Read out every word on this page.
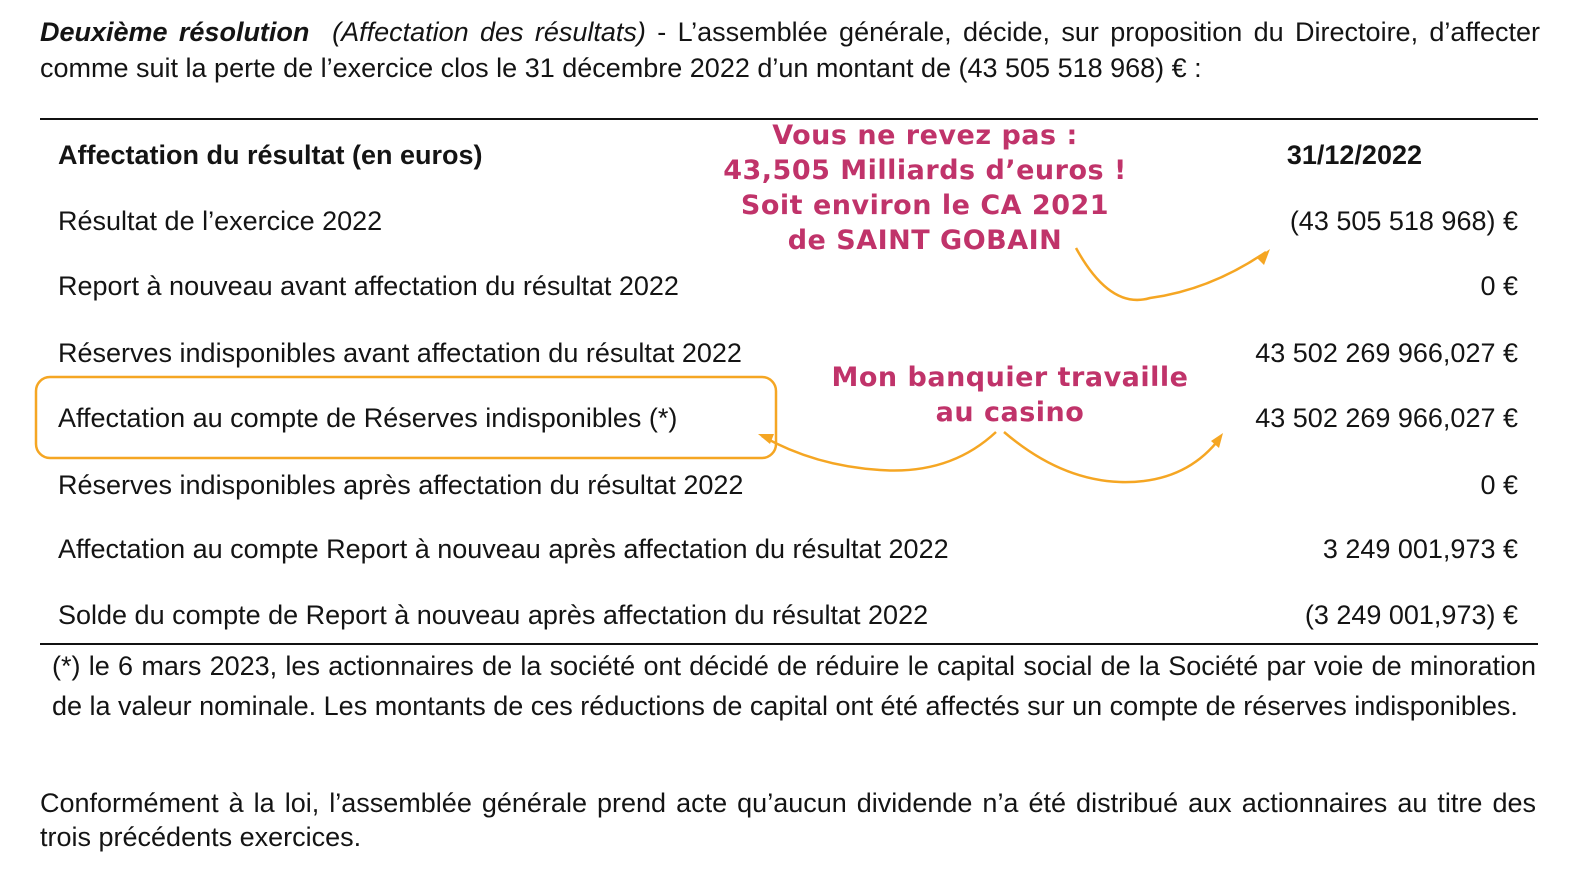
Deuxième résolution (Affectation des résultats) - L’assemblée générale, décide, sur proposition du Directoire, d’affecter comme suit la perte de l’exercice clos le 31 décembre 2022 d’un montant de (43 505 518 968) € :
Affectation du résultat (en euros)	31/12/2022
Résultat de l’exercice 2022	(43 505 518 968) €
Report à nouveau avant affectation du résultat 2022	0 €
Réserves indisponibles avant affectation du résultat 2022	43 502 269 966,027 €
Affectation au compte de Réserves indisponibles (*)	43 502 269 966,027 €
Réserves indisponibles après affectation du résultat 2022	0 €
Affectation au compte Report à nouveau après affectation du résultat 2022	3 249 001,973 €
Solde du compte de Report à nouveau après affectation du résultat 2022	(3 249 001,973) €
(*) le 6 mars 2023, les actionnaires de la société ont décidé de réduire le capital social de la Société par voie de minoration de la valeur nominale. Les montants de ces réductions de capital ont été affectés sur un compte de réserves indisponibles.
Conformément à la loi, l’assemblée générale prend acte qu’aucun dividende n’a été distribué aux actionnaires au titre des trois précédents exercices.
Vous ne revez pas :
43,505 Milliards d’euros !
Soit environ le CA 2021
de SAINT GOBAIN
Mon banquier travaille
au casino
